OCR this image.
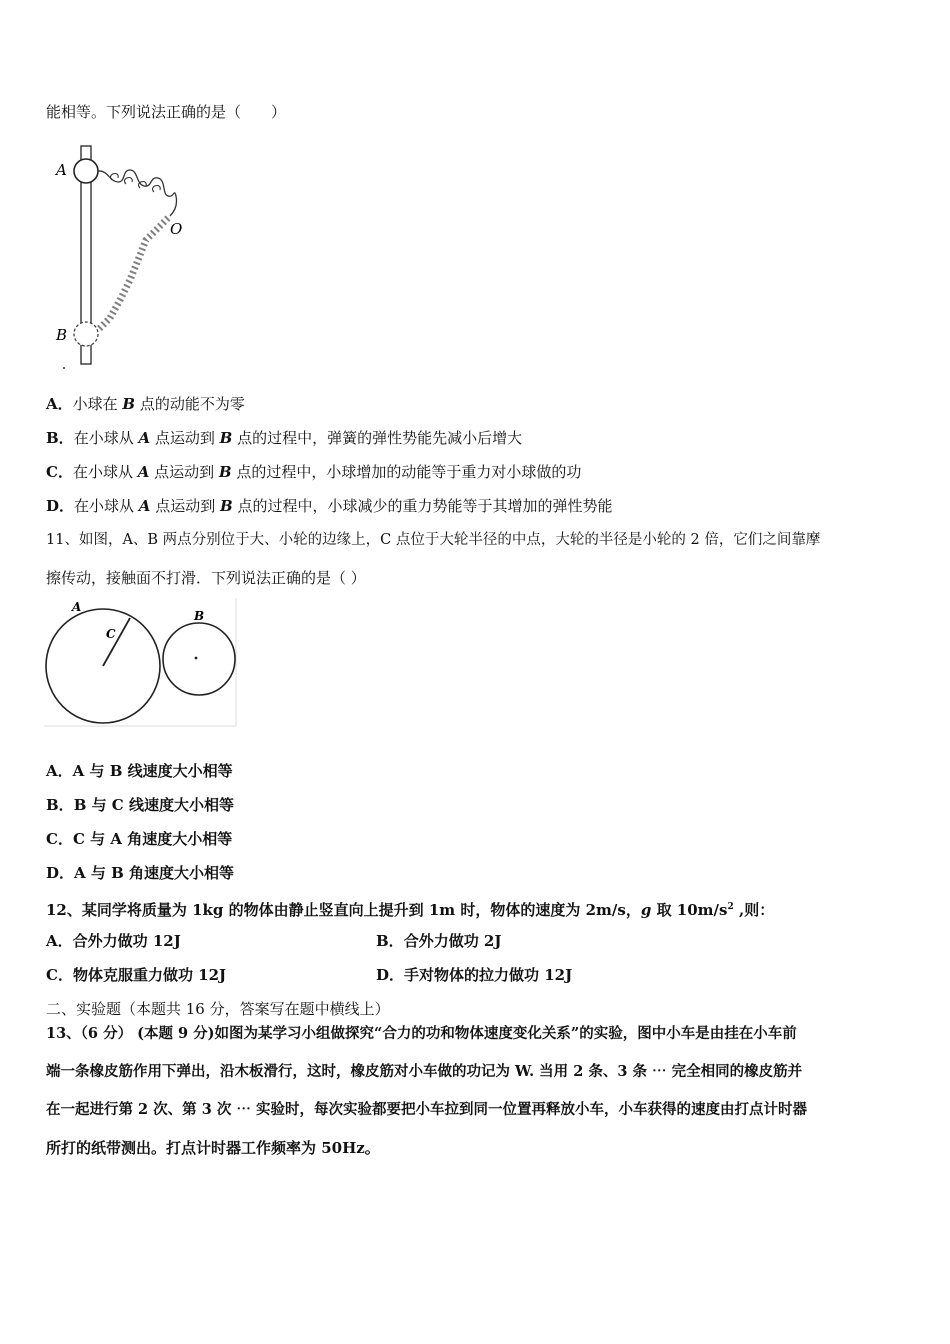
能相等。下列说法正确的是（　　）
A
O
B
A．小球在 B 点的动能不为零
B．在小球从 A 点运动到 B 点的过程中，弹簧的弹性势能先减小后增大
C．在小球从 A 点运动到 B 点的过程中，小球增加的动能等于重力对小球做的功
D．在小球从 A 点运动到 B 点的过程中，小球减少的重力势能等于其增加的弹性势能
11、如图，A、B 两点分别位于大、小轮的边缘上，C 点位于大轮半径的中点，大轮的半径是小轮的 2 倍，它们之间靠摩
擦传动，接触面不打滑．下列说法正确的是（ ）
A
C
B
A．A 与 B 线速度大小相等
B．B 与 C 线速度大小相等
C．C 与 A 角速度大小相等
D．A 与 B 角速度大小相等
12、某同学将质量为 1kg 的物体由静止竖直向上提升到 1m 时，物体的速度为 2m/s，g 取 $10m/s^2$ ,则：
A．合外力做功 12J	B．合外力做功 2J
C．物体克服重力做功 12J	D．手对物体的拉力做功 12J
二、实验题（本题共 16 分，答案写在题中横线上）
13、（6 分） (本题 9 分)如图为某学习小组做探究“合力的功和物体速度变化关系”的实验，图中小车是由挂在小车前
端一条橡皮筋作用下弹出，沿木板滑行，这时，橡皮筋对小车做的功记为 W. 当用 2 条、3 条 ⋯ 完全相同的橡皮筋并
在一起进行第 2 次、第 3 次 ⋯ 实验时，每次实验都要把小车拉到同一位置再释放小车，小车获得的速度由打点计时器
所打的纸带测出。打点计时器工作频率为 50Hz。
